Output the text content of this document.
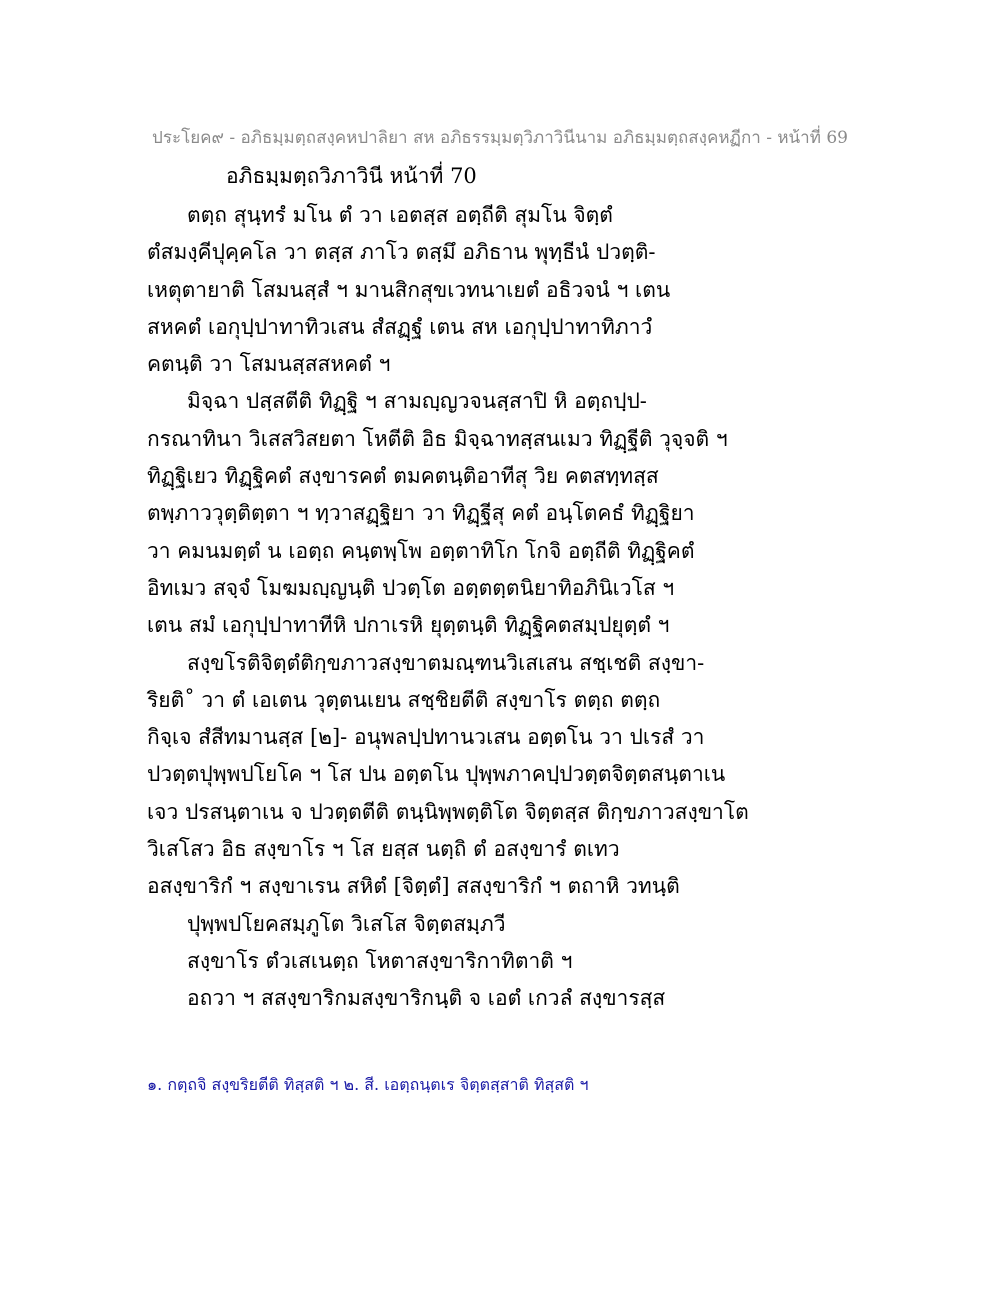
ประโยค๙ - อภิธมฺมตฺถสงฺคหปาลิยา สห อภิธรรมฺมตฺวิภาวินีนาม อภิธมฺมตฺถสงฺคหฏีกา - หน้าที่ 69
อภิธมฺมตฺถวิภาวินี หน้าที่ 70
ตตฺถ สุนฺทรํ มโน ตํ วา เอตสฺส อตฺถีติ สุมโน จิตฺตํ
ตํสมงฺคีปุคฺคโล วา ตสฺส ภาโว ตสฺมึ อภิธาน พุทฺธีนํ ปวตฺติ-
เหตุตายาติ โสมนสฺสํ ฯ มานสิกสุขเวทนาเยตํ อธิวจนํ ฯ เตน
สหคตํ เอกุปฺปาทาทิวเสน สํสฏฺฐํ เตน สห เอกุปฺปาทาทิภาวํ
คตนฺติ วา โสมนสฺสสหคตํ ฯ
มิจฺฉา ปสฺสตีติ ทิฏฺฐิ ฯ สามญฺญวจนสฺสาปิ หิ อตฺถปฺป-
กรณาทินา วิเสสวิสยตา โหตีติ อิธ มิจฺฉาทสฺสนเมว ทิฏฺฐีติ วุจฺจติ ฯ
ทิฏฺฐิเยว ทิฏฺฐิคตํ สงฺขารคตํ ตมคตนฺติอาทีสุ วิย คตสทฺทสฺส
ตพฺภาววุตฺติตฺตา ฯ ทฺวาสฏฺฐิยา วา ทิฏฺฐีสุ คตํ อนฺโตคธํ ทิฏฺฐิยา
วา คมนมตฺตํ น เอตฺถ คนฺตพฺโพ อตฺตาทิโก โกจิ อตฺถีติ ทิฏฺฐิคตํ
อิทเมว สจฺจํ โมฆมญฺญนฺติ ปวตฺโต อตฺตตฺตนิยาทิอภินิเวโส ฯ
เตน สมํ เอกุปฺปาทาทีหิ ปกาเรหิ ยุตฺตนฺติ ทิฏฺฐิคตสมฺปยุตฺตํ ฯ
สงฺขโรติจิตฺตํติกฺขภาวสงฺขาตมณฺฑนวิเสเสน สชฺเชติ สงฺขา-
ริยติ˚ วา ตํ เอเตน วุตฺตนเยน สชฺชิยตีติ สงฺขาโร ตตฺถ ตตฺถ
กิจฺเจ สํสีทมานสฺส [๒]- อนุพลปฺปทานวเสน อตฺตโน วา ปเรสํ วา
ปวตฺตปุพฺพปโยโค ฯ โส ปน อตฺตโน ปุพฺพภาคปฺปวตฺตจิตฺตสนฺตาเน
เจว ปรสนฺตาเน จ ปวตฺตตีติ ตนฺนิพฺพตฺติโต จิตฺตสฺส ติกฺขภาวสงฺขาโต
วิเสโสว อิธ สงฺขาโร ฯ โส ยสฺส นตฺถิ ตํ อสงฺขารํ ตเทว
อสงฺขาริกํ ฯ สงฺขาเรน สหิตํ [จิตฺตํ] สสงฺขาริกํ ฯ ตถาหิ วทนฺติ
ปุพฺพปโยคสมฺภูโต วิเสโส จิตฺตสมฺภวี
สงฺขาโร ตํวเสเนตฺถ โหตาสงฺขาริกาทิตาติ ฯ
อถวา ฯ สสงฺขาริกมสงฺขาริกนฺติ จ เอตํ เกวลํ สงฺขารสฺส
๑. กตฺถจิ สงฺขริยตีติ ทิสฺสติ ฯ ๒. สี. เอตฺถนฺตเร จิตฺตสฺสาติ ทิสฺสติ ฯ
